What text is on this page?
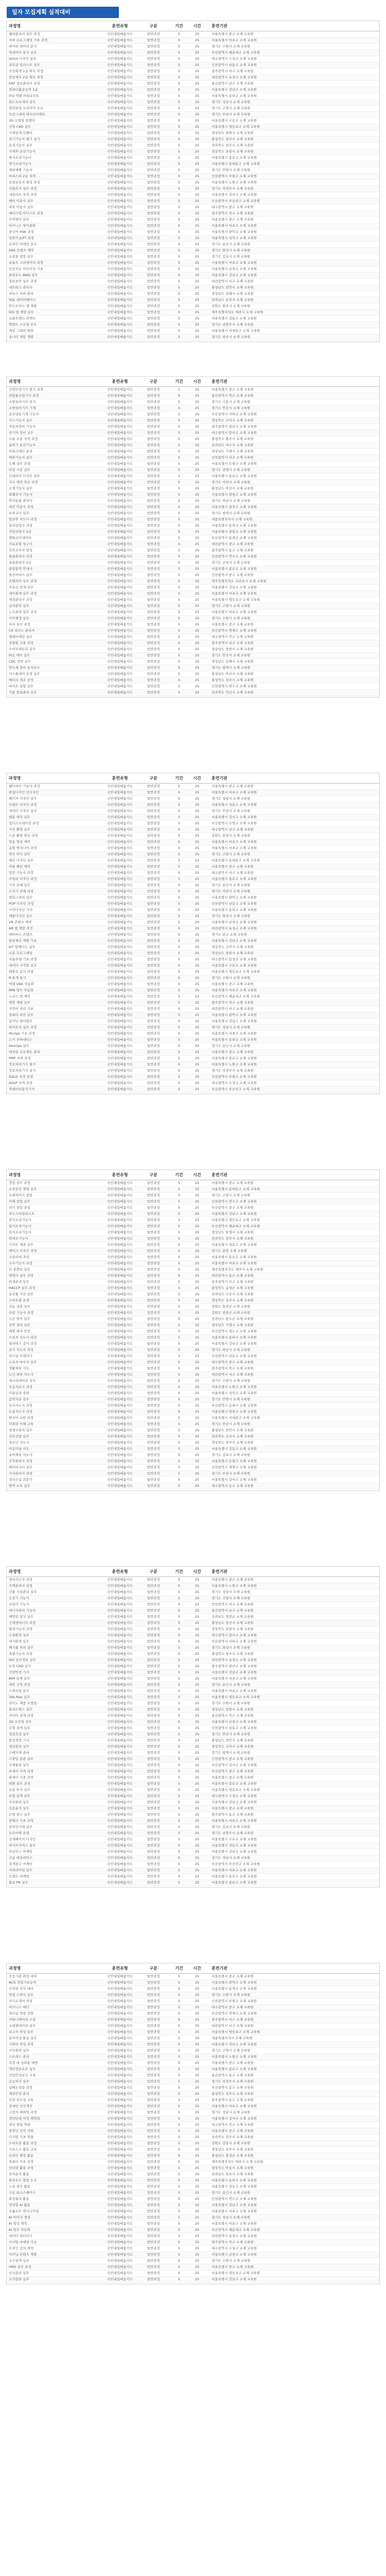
일자 모집계획 실적대비
과정명	훈련유형	구분	기간	시간	훈련기관
웹퍼블리셔 실무 과정	국민내일배움카드	일반과정	5	25	서울특별시 중구 소재 교육원
자바 프로그래밍 기초 과정	국민내일배움카드	일반과정	5	25	서울특별시 마포구 소재 교육원
파이썬 데이터 분석	국민내일배움카드	일반과정	5	25	경기도 수원시 소재 교육원
빅데이터 분석 실무	국민내일배움카드	일반과정	5	25	부산광역시 해운대구 소재 교육원
UI/UX 디자인 실무	국민내일배움카드	일반과정	5	25	대구광역시 수성구 소재 교육원
포토샵 일러스트 실무	국민내일배움카드	일반과정	5	25	인천광역시 남동구 소재 교육원
전산회계 1급 취득 과정	국민내일배움카드	일반과정	5	25	광주광역시 서구 소재 교육원
전산세무 2급 취득 과정	국민내일배움카드	일반과정	5	25	대전광역시 유성구 소재 교육원
ERP 정보관리사 과정	국민내일배움카드	일반과정	5	25	울산광역시 남구 소재 교육원
컴퓨터활용능력 1급	국민내일배움카드	일반과정	5	25	서울특별시 강남구 소재 교육원
ITQ 엑셀 파워포인트	국민내일배움카드	일반과정	5	25	서울특별시 송파구 소재 교육원
워드프로세서 실무	국민내일배움카드	일반과정	5	25	경기도 성남시 소재 교육원
영상편집 프리미어 프로	국민내일배움카드	일반과정	5	25	경기도 고양시 소재 교육원
모션그래픽 애프터이펙트	국민내일배움카드	일반과정	5	25	경기도 부천시 소재 교육원
3D 모델링 블렌더	국민내일배움카드	일반과정	5	25	서울특별시 구로구 소재 교육원
건축 CAD 실무	국민내일배움카드	일반과정	5	25	서울특별시 영등포구 소재 교육원
기계설계 인벤터	국민내일배움카드	일반과정	5	25	경상남도 창원시 소재 교육원
전기기능사 필기 실기	국민내일배움카드	일반과정	5	25	충청북도 청주시 소재 교육원
용접기능사 실무	국민내일배움카드	일반과정	5	25	전라북도 전주시 소재 교육원
지게차 운전기능사	국민내일배움카드	일반과정	5	25	경상북도 포항시 소재 교육원
한식조리기능사	국민내일배움카드	일반과정	5	25	서울특별시 종로구 소재 교육원
양식조리기능사	국민내일배움카드	일반과정	5	25	서울특별시 동대문구 소재 교육원
제과제빵 기능사	국민내일배움카드	일반과정	5	25	경기도 안양시 소재 교육원
바리스타 2급 자격	국민내일배움카드	일반과정	5	25	인천광역시 부평구 소재 교육원
요양보호사 양성 과정	국민내일배움카드	일반과정	5	25	서울특별시 노원구 소재 교육원
사회복지 실무 과정	국민내일배움카드	일반과정	5	25	경기도 의정부시 소재 교육원
네일아트 자격 과정	국민내일배움카드	일반과정	5	25	서울특별시 강서구 소재 교육원
헤어 미용사 실무	국민내일배움카드	일반과정	5	25	부산광역시 부산진구 소재 교육원
피부 미용사 실무	국민내일배움카드	일반과정	5	25	대구광역시 중구 소재 교육원
메이크업 아티스트 과정	국민내일배움카드	일반과정	5	25	광주광역시 북구 소재 교육원
무역영어 실무	국민내일배움카드	일반과정	5	25	서울특별시 중구 소재 교육원
비즈니스 영어회화	국민내일배움카드	일반과정	5	25	서울특별시 서초구 소재 교육원
중국어 HSK 과정	국민내일배움카드	일반과정	5	25	서울특별시 관악구 소재 교육원
일본어 JLPT 과정	국민내일배움카드	일반과정	5	25	서울특별시 성북구 소재 교육원
온라인 마케팅 실무	국민내일배움카드	일반과정	5	25	경기도 용인시 소재 교육원
SNS 콘텐츠 제작	국민내일배움카드	일반과정	5	25	경기도 화성시 소재 교육원
쇼핑몰 창업 실무	국민내일배움카드	일반과정	5	25	경기도 김포시 소재 교육원
유튜브 크리에이터 과정	국민내일배움카드	일반과정	5	25	서울특별시 마포구 소재 교육원
인공지능 머신러닝 기초	국민내일배움카드	일반과정	5	25	서울특별시 금천구 소재 교육원
클라우드 AWS 실무	국민내일배움카드	일반과정	5	25	서울특별시 강남구 소재 교육원
정보보안 실무 과정	국민내일배움카드	일반과정	5	25	대전광역시 서구 소재 교육원
네트워크 관리사	국민내일배움카드	일반과정	5	25	충청남도 천안시 소재 교육원
리눅스 서버 관리	국민내일배움카드	일반과정	5	25	경상남도 김해시 소재 교육원
SQL 데이터베이스	국민내일배움카드	일반과정	5	25	전라남도 순천시 소재 교육원
안드로이드 앱 개발	국민내일배움카드	일반과정	5	25	강원도 원주시 소재 교육원
iOS 앱 개발 실무	국민내일배움카드	일반과정	5	25	제주특별자치도 제주시 소재 교육원
프론트엔드 리액트	국민내일배움카드	일반과정	5	25	서울특별시 강동구 소재 교육원
백엔드 스프링 부트	국민내일배움카드	일반과정	5	25	경기도 남양주시 소재 교육원
게임 그래픽 원화	국민내일배움카드	일반과정	5	25	서울특별시 서대문구 소재 교육원
유니티 게임 개발	국민내일배움카드	일반과정	5	25	경기도 파주시 소재 교육원
과정명	훈련유형	구분	기간	시간	훈련기관
산업안전기사 필기 과정	국민내일배움카드	일반과정	5	25	서울특별시 중구 소재 교육원
위험물산업기사 과정	국민내일배움카드	일반과정	5	25	울산광역시 북구 소재 교육원
소방설비기사 전기	국민내일배움카드	일반과정	5	25	경기도 시흥시 소재 교육원
소방설비기사 기계	국민내일배움카드	일반과정	5	25	경기도 안산시 소재 교육원
공조냉동기계 기능사	국민내일배움카드	일반과정	5	25	부산광역시 사하구 소재 교육원
가스기능사 실무	국민내일배움카드	일반과정	5	25	경상북도 구미시 소재 교육원
자동차정비 기능사	국민내일배움카드	일반과정	5	25	광주광역시 광산구 소재 교육원
전기차 정비 실무	국민내일배움카드	일반과정	5	25	대구광역시 달서구 소재 교육원
드론 조종 자격 과정	국민내일배움카드	일반과정	5	25	충청북도 충주시 소재 교육원
굴착기 운전기능사	국민내일배움카드	일반과정	5	25	전라남도 여수시 소재 교육원
타워크레인 운전	국민내일배움카드	일반과정	5	25	경상남도 거제시 소재 교육원
배관기능사 실무	국민내일배움카드	일반과정	5	25	인천광역시 서구 소재 교육원
도배 실무 과정	국민내일배움카드	일반과정	5	25	서울특별시 은평구 소재 교육원
타일 시공 실무	국민내일배움카드	일반과정	5	25	경기도 광명시 소재 교육원
인테리어 디자인 실무	국민내일배움카드	일반과정	5	25	서울특별시 용산구 소재 교육원
가구 제작 목공 과정	국민내일배움카드	일반과정	5	25	경기도 이천시 소재 교육원
조경기능사 실무	국민내일배움카드	일반과정	5	25	충청남도 아산시 소재 교육원
화훼장식 기능사	국민내일배움카드	일반과정	5	25	서울특별시 양천구 소재 교육원
반려동물 관리사	국민내일배움카드	일반과정	5	25	경기도 하남시 소재 교육원
애견 미용사 과정	국민내일배움카드	일반과정	5	25	서울특별시 광진구 소재 교육원
보육교사 실무	국민내일배움카드	일반과정	5	25	경기도 평택시 소재 교육원
방과후 지도사 과정	국민내일배움카드	일반과정	5	25	세종특별자치시 소재 교육원
심리상담사 과정	국민내일배움카드	일반과정	5	25	서울특별시 동작구 소재 교육원
직업상담사 2급	국민내일배움카드	일반과정	5	25	서울특별시 중랑구 소재 교육원
병원코디네이터	국민내일배움카드	일반과정	5	25	부산광역시 동래구 소재 교육원
의료보험 청구사	국민내일배움카드	일반과정	5	25	대전광역시 중구 소재 교육원
간호조무사 양성	국민내일배움카드	일반과정	5	25	광주광역시 동구 소재 교육원
물류관리사 과정	국민내일배움카드	일반과정	5	25	인천광역시 연수구 소재 교육원
유통관리사 2급	국민내일배움카드	일반과정	5	25	경기도 군포시 소재 교육원
관광통역 안내사	국민내일배움카드	일반과정	5	25	서울특별시 종로구 소재 교육원
항공서비스 실무	국민내일배움카드	일반과정	5	25	인천광역시 중구 소재 교육원
호텔리어 실무 과정	국민내일배움카드	일반과정	5	25	제주특별자치도 서귀포시 소재 교육원
부동산 중개 실무	국민내일배움카드	일반과정	5	25	서울특별시 강남구 소재 교육원
세무회계 실무 과정	국민내일배움카드	일반과정	5	25	서울특별시 서초구 소재 교육원
재경관리사 과정	국민내일배움카드	일반과정	5	25	서울특별시 영등포구 소재 교육원
급여관리 실무	국민내일배움카드	일반과정	5	25	경기도 고양시 소재 교육원
노무관리 실무 과정	국민내일배움카드	일반과정	5	25	서울특별시 마포구 소재 교육원
사무행정 실무	국민내일배움카드	일반과정	5	25	경기도 수원시 소재 교육원
비서 실무 과정	국민내일배움카드	일반과정	5	25	서울특별시 중구 소재 교육원
CS 리더스 관리사	국민내일배움카드	일반과정	5	25	부산광역시 연제구 소재 교육원
텔레마케팅 실무	국민내일배움카드	일반과정	5	25	대구광역시 북구 소재 교육원
상담원 교육 과정	국민내일배움카드	일반과정	5	25	광주광역시 남구 소재 교육원
스마트팩토리 실무	국민내일배움카드	일반과정	5	25	경상남도 창원시 소재 교육원
PLC 제어 실무	국민내일배움카드	일반과정	5	25	경기도 안산시 소재 교육원
CNC 선반 실무	국민내일배움카드	일반과정	5	25	경상남도 김해시 소재 교육원
반도체 장비 유지보수	국민내일배움카드	일반과정	5	25	경기도 평택시 소재 교육원
디스플레이 공정 실무	국민내일배움카드	일반과정	5	25	충청남도 아산시 소재 교육원
배터리 제조 공정	국민내일배움카드	일반과정	5	25	충청북도 청주시 소재 교육원
바이오 실험 실무	국민내일배움카드	일반과정	5	25	인천광역시 연수구 소재 교육원
식품 품질관리 실무	국민내일배움카드	일반과정	5	25	전라북도 익산시 소재 교육원
과정명	훈련유형	구분	기간	시간	훈련기관
웹디자인 기능사 과정	국민내일배움카드	일반과정	5	25	서울특별시 중구 소재 교육원
편집디자인 인디자인	국민내일배움카드	일반과정	5	25	서울특별시 마포구 소재 교육원
패키지 디자인 실무	국민내일배움카드	일반과정	5	25	경기도 성남시 소재 교육원
브랜드 디자인 과정	국민내일배움카드	일반과정	5	25	서울특별시 성동구 소재 교육원
캐릭터 디자인 실무	국민내일배움카드	일반과정	5	25	경기도 부천시 소재 교육원
웹툰 제작 실무	국민내일배움카드	일반과정	5	25	서울특별시 강서구 소재 교육원
일러스트레이션 과정	국민내일배움카드	일반과정	5	25	부산광역시 수영구 소재 교육원
사진 촬영 실무	국민내일배움카드	일반과정	5	25	대구광역시 남구 소재 교육원
드론 촬영 영상 과정	국민내일배움카드	일반과정	5	25	강원도 춘천시 소재 교육원
방송 영상 제작	국민내일배움카드	일반과정	5	25	서울특별시 마포구 소재 교육원
음향 엔지니어 과정	국민내일배움카드	일반과정	5	25	서울특별시 서초구 소재 교육원
작곡 미디 실무	국민내일배움카드	일반과정	5	25	경기도 고양시 소재 교육원
패션 디자인 실무	국민내일배움카드	일반과정	5	25	서울특별시 동대문구 소재 교육원
의류 패턴 제작	국민내일배움카드	일반과정	5	25	서울특별시 중구 소재 교육원
양장 기능사 과정	국민내일배움카드	일반과정	5	25	대구광역시 서구 소재 교육원
주얼리 디자인 과정	국민내일배움카드	일반과정	5	25	서울특별시 종로구 소재 교육원
가죽 공예 실무	국민내일배움카드	일반과정	5	25	경기도 용인시 소재 교육원
도자기 공예 과정	국민내일배움카드	일반과정	5	25	경기도 이천시 소재 교육원
캘리그라피 실무	국민내일배움카드	일반과정	5	25	서울특별시 관악구 소재 교육원
POP 디자인 과정	국민내일배움카드	일반과정	5	25	인천광역시 남동구 소재 교육원
시각디자인 기사	국민내일배움카드	일반과정	5	25	서울특별시 송파구 소재 교육원
제품디자인 실무	국민내일배움카드	일반과정	5	25	경기도 화성시 소재 교육원
VR 콘텐츠 제작	국민내일배움카드	일반과정	5	25	서울특별시 금천구 소재 교육원
AR 앱 개발 과정	국민내일배움카드	일반과정	5	25	대전광역시 유성구 소재 교육원
메타버스 콘텐츠	국민내일배움카드	일반과정	5	25	경기도 판교 소재 교육원
블록체인 개발 기초	국민내일배움카드	일반과정	5	25	서울특별시 강남구 소재 교육원
IoT 임베디드 실무	국민내일배움카드	일반과정	5	25	경상북도 구미시 소재 교육원
로봇 프로그래밍	국민내일배움카드	일반과정	5	25	경상남도 창원시 소재 교육원
자율주행 기초 과정	국민내일배움카드	일반과정	5	25	대구광역시 달성군 소재 교육원
데이터 시각화 실무	국민내일배움카드	일반과정	5	25	서울특별시 구로구 소재 교육원
태블로 분석 과정	국민내일배움카드	일반과정	5	25	서울특별시 영등포구 소재 교육원
R 통계 분석	국민내일배움카드	일반과정	5	25	경기도 수원시 소재 교육원
엑셀 VBA 자동화	국민내일배움카드	일반과정	5	25	서울특별시 중구 소재 교육원
RPA 업무 자동화	국민내일배움카드	일반과정	5	25	서울특별시 마포구 소재 교육원
노코드 앱 제작	국민내일배움카드	일반과정	5	25	부산광역시 해운대구 소재 교육원
챗봇 개발 실무	국민내일배움카드	일반과정	5	25	광주광역시 북구 소재 교육원
자연어 처리 기초	국민내일배움카드	일반과정	5	25	대전광역시 서구 소재 교육원
컴퓨터 비전 실무	국민내일배움카드	일반과정	5	25	서울특별시 관악구 소재 교육원
딥러닝 텐서플로	국민내일배움카드	일반과정	5	25	서울특별시 강남구 소재 교육원
파이토치 실무 과정	국민내일배움카드	일반과정	5	25	경기도 성남시 소재 교육원
MLOps 기초 과정	국민내일배움카드	일반과정	5	25	서울특별시 서초구 소재 교육원
도커 쿠버네티스	국민내일배움카드	일반과정	5	25	서울특별시 송파구 소재 교육원
DevOps 실무	국민내일배움카드	일반과정	5	25	경기도 용인시 소재 교육원
애자일 프로젝트 관리	국민내일배움카드	일반과정	5	25	서울특별시 중구 소재 교육원
PMP 자격 과정	국민내일배움카드	일반과정	5	25	서울특별시 종로구 소재 교육원
정보처리기사 필기	국민내일배움카드	일반과정	5	25	서울특별시 노원구 소재 교육원
정보처리기사 실기	국민내일배움카드	일반과정	5	25	경기도 의정부시 소재 교육원
SQLD 자격 과정	국민내일배움카드	일반과정	5	25	인천광역시 부평구 소재 교육원
ADsP 자격 과정	국민내일배움카드	일반과정	5	25	대구광역시 수성구 소재 교육원
빅데이터분석기사	국민내일배움카드	일반과정	5	25	부산광역시 부산진구 소재 교육원
과정명	훈련유형	구분	기간	시간	훈련기관
창업 실무 과정	국민내일배움카드	일반과정	5	25	서울특별시 중구 소재 교육원
소상공인 경영 실무	국민내일배움카드	일반과정	5	25	서울특별시 동대문구 소재 교육원
프랜차이즈 창업	국민내일배움카드	일반과정	5	25	경기도 고양시 소재 교육원
카페 창업 실무	국민내일배움카드	일반과정	5	25	인천광역시 연수구 소재 교육원
외식 창업 과정	국민내일배움카드	일반과정	5	25	부산광역시 중구 소재 교육원
푸드스타일리스트	국민내일배움카드	일반과정	5	25	서울특별시 강남구 소재 교육원
중식조리기능사	국민내일배움카드	일반과정	5	25	서울특별시 영등포구 소재 교육원
일식조리기능사	국민내일배움카드	일반과정	5	25	부산광역시 해운대구 소재 교육원
복어조리기능사	국민내일배움카드	일반과정	5	25	경상남도 통영시 소재 교육원
떡제조기능사	국민내일배움카드	일반과정	5	25	전라북도 전주시 소재 교육원
디저트 제과 실무	국민내일배움카드	일반과정	5	25	서울특별시 성동구 소재 교육원
케이크 디자인 과정	국민내일배움카드	일반과정	5	25	경기도 분당 소재 교육원
소믈리에 과정	국민내일배움카드	일반과정	5	25	서울특별시 용산구 소재 교육원
조주기능사 과정	국민내일배움카드	일반과정	5	25	서울특별시 마포구 소재 교육원
티 블렌딩 실무	국민내일배움카드	일반과정	5	25	제주특별자치도 제주시 소재 교육원
영양사 실무 과정	국민내일배움카드	일반과정	5	25	대전광역시 동구 소재 교육원
위생관리 실무	국민내일배움카드	일반과정	5	25	광주광역시 서구 소재 교육원
HACCP 실무 과정	국민내일배움카드	일반과정	5	25	충청북도 음성군 소재 교육원
농산물 가공 실무	국민내일배움카드	일반과정	5	25	전라남도 나주시 소재 교육원
스마트팜 운영	국민내일배움카드	일반과정	5	25	경상북도 상주시 소재 교육원
귀농 귀촌 실무	국민내일배움카드	일반과정	5	25	강원도 홍천군 소재 교육원
산림 기능사 과정	국민내일배움카드	일반과정	5	25	강원도 평창군 소재 교육원
수산 양식 실무	국민내일배움카드	일반과정	5	25	전라남도 완도군 소재 교육원
선박 정비 실무	국민내일배움카드	일반과정	5	25	경상남도 거제시 소재 교육원
해양 레저 안전	국민내일배움카드	일반과정	5	25	부산광역시 영도구 소재 교육원
스포츠 지도사 과정	국민내일배움카드	일반과정	5	25	서울특별시 송파구 소재 교육원
필라테스 강사 과정	국민내일배움카드	일반과정	5	25	서울특별시 강남구 소재 교육원
요가 지도자 과정	국민내일배움카드	일반과정	5	25	경기도 하남시 소재 교육원
퍼스널 트레이너	국민내일배움카드	일반과정	5	25	인천광역시 남동구 소재 교육원
스포츠 마사지 실무	국민내일배움카드	일반과정	5	25	대구광역시 중구 소재 교육원
생활체육 지도	국민내일배움카드	일반과정	5	25	광주광역시 북구 소재 교육원
노인 체육 지도사	국민내일배움카드	일반과정	5	25	대전광역시 서구 소재 교육원
레크리에이션 강사	국민내일배움카드	일반과정	5	25	경기도 수원시 소재 교육원
웃음치료사 과정	국민내일배움카드	일반과정	5	25	서울특별시 노원구 소재 교육원
미술심리 상담	국민내일배움카드	일반과정	5	25	서울특별시 성북구 소재 교육원
음악치료 실무	국민내일배움카드	일반과정	5	25	경기도 안양시 소재 교육원
독서지도사 과정	국민내일배움카드	일반과정	5	25	부산광역시 동래구 소재 교육원
논술지도사 과정	국민내일배움카드	일반과정	5	25	서울특별시 양천구 소재 교육원
한국어 교원 과정	국민내일배움카드	일반과정	5	25	서울특별시 서대문구 소재 교육원
다문화 이해 교육	국민내일배움카드	일반과정	5	25	경기도 안산시 소재 교육원
평생교육사 실무	국민내일배움카드	일반과정	5	25	충청남도 천안시 소재 교육원
진로상담 실무	국민내일배움카드	일반과정	5	25	전라북도 군산시 소재 교육원
청소년 지도사	국민내일배움카드	일반과정	5	25	경상북도 경주시 소재 교육원
아동미술 지도	국민내일배움카드	일반과정	5	25	서울특별시 강동구 소재 교육원
유아체육 지도사	국민내일배움카드	일반과정	5	25	경기도 김포시 소재 교육원
산후관리사 과정	국민내일배움카드	일반과정	5	25	서울특별시 은평구 소재 교육원
베이비시터 실무	국민내일배움카드	일반과정	5	25	인천광역시 계양구 소재 교육원
가사관리사 과정	국민내일배움카드	일반과정	5	25	경기도 부천시 소재 교육원
정리수납 전문가	국민내일배움카드	일반과정	5	25	서울특별시 강서구 소재 교육원
방역 소독 실무	국민내일배움카드	일반과정	5	25	대구광역시 동구 소재 교육원
과정명	훈련유형	구분	기간	시간	훈련기관
경비지도사 과정	국민내일배움카드	일반과정	5	25	서울특별시 중구 소재 교육원
주택관리사 과정	국민내일배움카드	일반과정	5	25	서울특별시 노원구 소재 교육원
건물 시설관리 실무	국민내일배움카드	일반과정	5	25	경기도 성남시 소재 교육원
승강기 기능사	국민내일배움카드	일반과정	5	25	경기도 고양시 소재 교육원
보일러 기능사	국민내일배움카드	일반과정	5	25	인천광역시 서구 소재 교육원
에너지관리 기능사	국민내일배움카드	일반과정	5	25	울산광역시 남구 소재 교육원
태양광 설치 실무	국민내일배움카드	일반과정	5	25	전라남도 영암군 소재 교육원
신재생에너지 과정	국민내일배움카드	일반과정	5	25	충청남도 당진시 소재 교육원
환경기능사 과정	국민내일배움카드	일반과정	5	25	경상북도 포항시 소재 교육원
수질환경 실무	국민내일배움카드	일반과정	5	25	대구광역시 달서구 소재 교육원
대기환경 실무	국민내일배움카드	일반과정	5	25	부산광역시 사하구 소재 교육원
폐기물 처리 실무	국민내일배움카드	일반과정	5	25	경기도 화성시 소재 교육원
측량기능사 과정	국민내일배움카드	일반과정	5	25	충청북도 청주시 소재 교육원
GIS 공간정보 실무	국민내일배움카드	일반과정	5	25	대전광역시 유성구 소재 교육원
토목 CAD 실무	국민내일배움카드	일반과정	5	25	광주광역시 광산구 소재 교육원
건설안전 기사	국민내일배움카드	일반과정	5	25	서울특별시 강남구 소재 교육원
BIM 설계 실무	국민내일배움카드	일반과정	5	25	서울특별시 서초구 소재 교육원
레빗 건축 과정	국민내일배움카드	일반과정	5	25	경기도 용인시 소재 교육원
스케치업 실무	국민내일배움카드	일반과정	5	25	서울특별시 마포구 소재 교육원
3ds Max 실무	국민내일배움카드	일반과정	5	25	서울특별시 영등포구 소재 교육원
라이노 제품 모델링	국민내일배움카드	일반과정	5	25	경기도 수원시 소재 교육원
솔리드웍스 실무	국민내일배움카드	일반과정	5	25	경상남도 창원시 소재 교육원
카티아 설계 과정	국민내일배움카드	일반과정	5	25	울산광역시 북구 소재 교육원
3D 프린팅 실무	국민내일배움카드	일반과정	5	25	서울특별시 금천구 소재 교육원
금형 설계 실무	국민내일배움카드	일반과정	5	25	인천광역시 남동구 소재 교육원
정밀측정 실무	국민내일배움카드	일반과정	5	25	경기도 안산시 소재 교육원
품질경영 기사	국민내일배움카드	일반과정	5	25	충청남도 천안시 소재 교육원
생산관리 실무	국민내일배움카드	일반과정	5	25	경상북도 구미시 소재 교육원
구매자재 관리	국민내일배움카드	일반과정	5	25	경기도 평택시 소재 교육원
수출입 통관 실무	국민내일배움카드	일반과정	5	25	인천광역시 중구 소재 교육원
국제물류 실무	국민내일배움카드	일반과정	5	25	부산광역시 강서구 소재 교육원
보세사 자격 과정	국민내일배움카드	일반과정	5	25	부산광역시 중구 소재 교육원
관세사 기초 과정	국민내일배움카드	일반과정	5	25	서울특별시 중구 소재 교육원
외환 실무 과정	국민내일배움카드	일반과정	5	25	서울특별시 종로구 소재 교육원
금융 투자 실무	국민내일배움카드	일반과정	5	25	서울특별시 영등포구 소재 교육원
보험 설계 실무	국민내일배움카드	일반과정	5	25	대구광역시 수성구 소재 교육원
자산관리 실무	국민내일배움카드	일반과정	5	25	서울특별시 강남구 소재 교육원
신용분석 실무	국민내일배움카드	일반과정	5	25	서울특별시 중구 소재 교육원
은행 창구 실무	국민내일배움카드	일반과정	5	25	광주광역시 동구 소재 교육원
핀테크 기초 과정	국민내일배움카드	일반과정	5	25	서울특별시 마포구 소재 교육원
전자상거래 실무	국민내일배움카드	일반과정	5	25	경기도 김포시 소재 교육원
오픈마켓 운영	국민내일배움카드	일반과정	5	25	경기도 남양주시 소재 교육원
상세페이지 디자인	국민내일배움카드	일반과정	5	25	서울특별시 구로구 소재 교육원
라이브커머스 실무	국민내일배움카드	일반과정	5	25	서울특별시 성동구 소재 교육원
퍼포먼스 마케팅	국민내일배움카드	일반과정	5	25	서울특별시 강남구 소재 교육원
구글 애널리틱스	국민내일배움카드	일반과정	5	25	경기도 성남시 소재 교육원
검색광고 마케터	국민내일배움카드	일반과정	5	25	부산광역시 부산진구 소재 교육원
카피라이팅 실무	국민내일배움카드	일반과정	5	25	서울특별시 마포구 소재 교육원
브랜드 마케팅	국민내일배움카드	일반과정	5	25	서울특별시 용산구 소재 교육원
홍보 PR 실무	국민내일배움카드	일반과정	5	25	서울특별시 종로구 소재 교육원
과정명	훈련유형	구분	기간	시간	훈련기관
공공기관 취업 대비	국민내일배움카드	일반과정	5	25	서울특별시 중구 소재 교육원
NCS 직업기초능력	국민내일배움카드	일반과정	5	25	서울특별시 관악구 소재 교육원
인적성 검사 대비	국민내일배움카드	일반과정	5	25	서울특별시 동작구 소재 교육원
면접 스피치 실무	국민내일배움카드	일반과정	5	25	경기도 수원시 소재 교육원
자기소개서 작성	국민내일배움카드	일반과정	5	25	인천광역시 부평구 소재 교육원
비즈니스 매너	국민내일배움카드	일반과정	5	25	대구광역시 중구 소재 교육원
리더십 역량 강화	국민내일배움카드	일반과정	5	25	부산광역시 연제구 소재 교육원
커뮤니케이션 스킬	국민내일배움카드	일반과정	5	25	광주광역시 서구 소재 교육원
프레젠테이션 실무	국민내일배움카드	일반과정	5	25	대전광역시 서구 소재 교육원
보고서 작성 실무	국민내일배움카드	일반과정	5	25	서울특별시 영등포구 소재 교육원
문서작성 한글 실무	국민내일배움카드	일반과정	5	25	세종특별자치시 소재 교육원
기획서 작성 과정	국민내일배움카드	일반과정	5	25	서울특별시 강남구 소재 교육원
시간관리 실무	국민내일배움카드	일반과정	5	25	경기도 고양시 소재 교육원
스트레스 관리	국민내일배움카드	일반과정	5	25	서울특별시 노원구 소재 교육원
직장 내 성희롱 예방	국민내일배움카드	일반과정	5	25	서울특별시 중구 소재 교육원
개인정보보호 실무	국민내일배움카드	일반과정	5	25	서울특별시 종로구 소재 교육원
산업안전보건 교육	국민내일배움카드	일반과정	5	25	울산광역시 동구 소재 교육원
응급처치 실무	국민내일배움카드	일반과정	5	25	경기도 의정부시 소재 교육원
심폐소생술 과정	국민내일배움카드	일반과정	5	25	부산광역시 동구 소재 교육원
재난안전 관리	국민내일배움카드	일반과정	5	25	충청북도 청주시 소재 교육원
인권 감수성 교육	국민내일배움카드	일반과정	5	25	광주광역시 동구 소재 교육원
장애인 인식개선	국민내일배움카드	일반과정	5	25	서울특별시 마포구 소재 교육원
고령자 재취업 과정	국민내일배움카드	일반과정	5	25	경기도 성남시 소재 교육원
경력단절 여성 재취업	국민내일배움카드	일반과정	5	25	서울특별시 강서구 소재 교육원
청년 취업 역량	국민내일배움카드	일반과정	5	25	대구광역시 북구 소재 교육원
중장년 전직 지원	국민내일배움카드	일반과정	5	25	서울특별시 중구 소재 교육원
디지털 기초 역량	국민내일배움카드	일반과정	5	25	전라북도 전주시 소재 교육원
스마트폰 활용 과정	국민내일배움카드	일반과정	5	25	강원도 강릉시 소재 교육원
키오스크 활용 교육	국민내일배움카드	일반과정	5	25	경상남도 진주시 소재 교육원
온라인 행정 활용	국민내일배움카드	일반과정	5	25	충청남도 홍성군 소재 교육원
컴퓨터 기초 과정	국민내일배움카드	일반과정	5	25	제주특별자치도 제주시 소재 교육원
인터넷 활용 과정	국민내일배움카드	일반과정	5	25	경상북도 안동시 소재 교육원
전자문서 활용	국민내일배움카드	일반과정	5	25	전라남도 목포시 소재 교육원
클라우드 협업 도구	국민내일배움카드	일반과정	5	25	서울특별시 송파구 소재 교육원
노션 업무 활용	국민내일배움카드	일반과정	5	25	서울특별시 성동구 소재 교육원
구글 워크스페이스	국민내일배움카드	일반과정	5	25	경기도 용인시 소재 교육원
화상회의 활용	국민내일배움카드	일반과정	5	25	인천광역시 연수구 소재 교육원
생성형 AI 활용	국민내일배움카드	일반과정	5	25	서울특별시 강남구 소재 교육원
프롬프트 엔지니어링	국민내일배움카드	일반과정	5	25	서울특별시 서초구 소재 교육원
AI 이미지 생성	국민내일배움카드	일반과정	5	25	경기도 성남시 소재 교육원
AI 영상 제작	국민내일배움카드	일반과정	5	25	서울특별시 마포구 소재 교육원
AI 업무 자동화	국민내일배움카드	일반과정	5	25	부산광역시 해운대구 소재 교육원
데이터 리터러시	국민내일배움카드	일반과정	5	25	대전광역시 유성구 소재 교육원
디지털 마케팅 기초	국민내일배움카드	일반과정	5	25	광주광역시 북구 소재 교육원
온라인 강의 제작	국민내일배움카드	일반과정	5	25	대구광역시 수성구 소재 교육원
이러닝 콘텐츠 개발	국민내일배움카드	일반과정	5	25	서울특별시 금천구 소재 교육원
교수설계 실무	국민내일배움카드	일반과정	5	25	경기도 수원시 소재 교육원
HRD 실무 과정	국민내일배움카드	일반과정	5	25	서울특별시 중구 소재 교육원
인사관리 실무	국민내일배움카드	일반과정	5	25	서울특별시 영등포구 소재 교육원
조직문화 실무	국민내일배움카드	일반과정	5	25	서울특별시 강남구 소재 교육원
